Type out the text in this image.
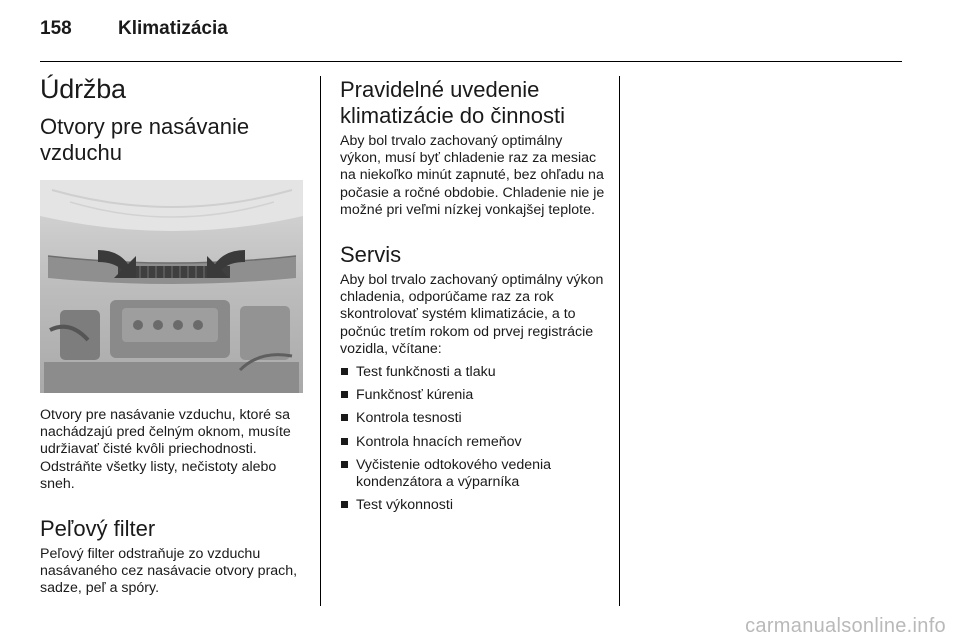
158 Klimatizácia
Údržba
Otvory pre nasávanie vzduchu

Otvory pre nasávanie vzduchu, ktoré sa nachádzajú pred čelným oknom, musíte udržiavať čisté kvôli priechodnosti. Odstráňte všetky listy, nečistoty alebo sneh.

Peľový filter

Peľový filter odstraňuje zo vzduchu nasávaného cez nasávacie otvory prach, sadze, peľ a spóry.

Pravidelné uvedenie klimatizácie do činnosti

Aby bol trvalo zachovaný optimálny výkon, musí byť chladenie raz za mesiac na niekoľko minút zapnuté, bez ohľadu na počasie a ročné obdobie. Chladenie nie je možné pri veľmi nízkej vonkajšej teplote.

Servis

Aby bol trvalo zachovaný optimálny výkon chladenia, odporúčame raz za rok skontrolovať systém klimatizácie, a to počnúc tretím rokom od prvej registrácie vozidla, včítane:

Test funkčnosti a tlaku
Funkčnosť kúrenia
Kontrola tesnosti
Kontrola hnacích remeňov
Vyčistenie odtokového vedenia kondenzátora a výparníka
Test výkonnosti
carmanualsonline.info
